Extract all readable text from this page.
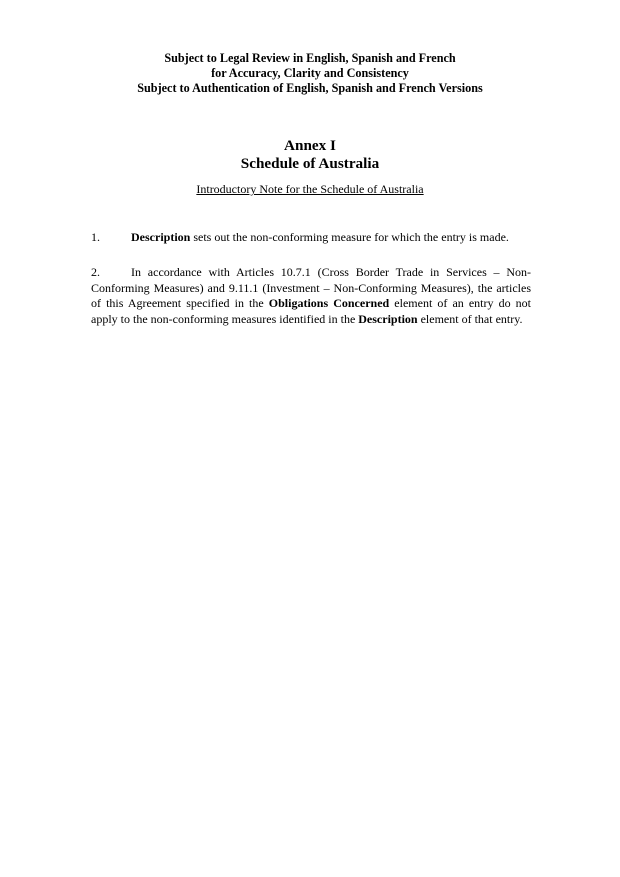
Subject to Legal Review in English, Spanish and French
for Accuracy, Clarity and Consistency
Subject to Authentication of English, Spanish and French Versions
Annex I
Schedule of Australia
Introductory Note for the Schedule of Australia
1.	Description sets out the non-conforming measure for which the entry is made.
2.	In accordance with Articles 10.7.1 (Cross Border Trade in Services – Non-Conforming Measures) and 9.11.1 (Investment – Non-Conforming Measures), the articles of this Agreement specified in the Obligations Concerned element of an entry do not apply to the non-conforming measures identified in the Description element of that entry.
